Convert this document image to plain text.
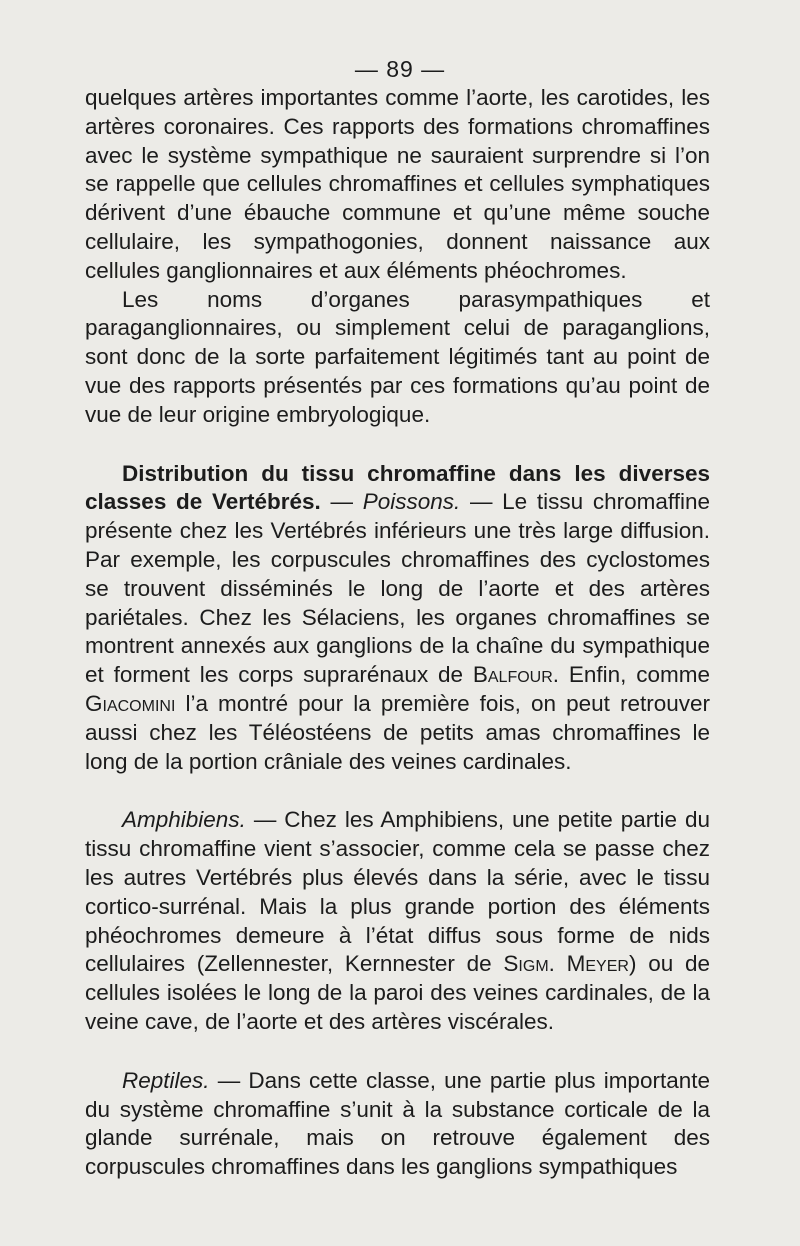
— 89 —

quelques artères importantes comme l’aorte, les carotides, les artères coronaires. Ces rapports des formations chromaffines avec le système sympathique ne sauraient surprendre si l’on se rappelle que cellules chromaffines et cellules symphatiques dérivent d’une ébauche commune et qu’une même souche cellulaire, les sympathogonies, donnent naissance aux cellules ganglionnaires et aux éléments phéochromes.

Les noms d’organes parasympathiques et paraganglionnaires, ou simplement celui de paraganglions, sont donc de la sorte parfaitement légitimés tant au point de vue des rapports présentés par ces formations qu’au point de vue de leur origine embryologique.

Distribution du tissu chromaffine dans les diverses classes de Vertébrés. — Poissons. — Le tissu chromaffine présente chez les Vertébrés inférieurs une très large diffusion. Par exemple, les corpuscules chromaffines des cyclostomes se trouvent disséminés le long de l’aorte et des artères pariétales. Chez les Sélaciens, les organes chromaffines se montrent annexés aux ganglions de la chaîne du sympathique et forment les corps suprarénaux de Balfour. Enfin, comme Giacomini l’a montré pour la première fois, on peut retrouver aussi chez les Téléostéens de petits amas chromaffines le long de la portion crâniale des veines cardinales.

Amphibiens. — Chez les Amphibiens, une petite partie du tissu chromaffine vient s’associer, comme cela se passe chez les autres Vertébrés plus élevés dans la série, avec le tissu cortico-surrénal. Mais la plus grande portion des éléments phéochromes demeure à l’état diffus sous forme de nids cellulaires (Zellennester, Kernnester de Sigm. Meyer) ou de cellules isolées le long de la paroi des veines cardinales, de la veine cave, de l’aorte et des artères viscérales.

Reptiles. — Dans cette classe, une partie plus importante du système chromaffine s’unit à la substance corticale de la glande surrénale, mais on retrouve également des corpuscules chromaffines dans les ganglions sympathiques
